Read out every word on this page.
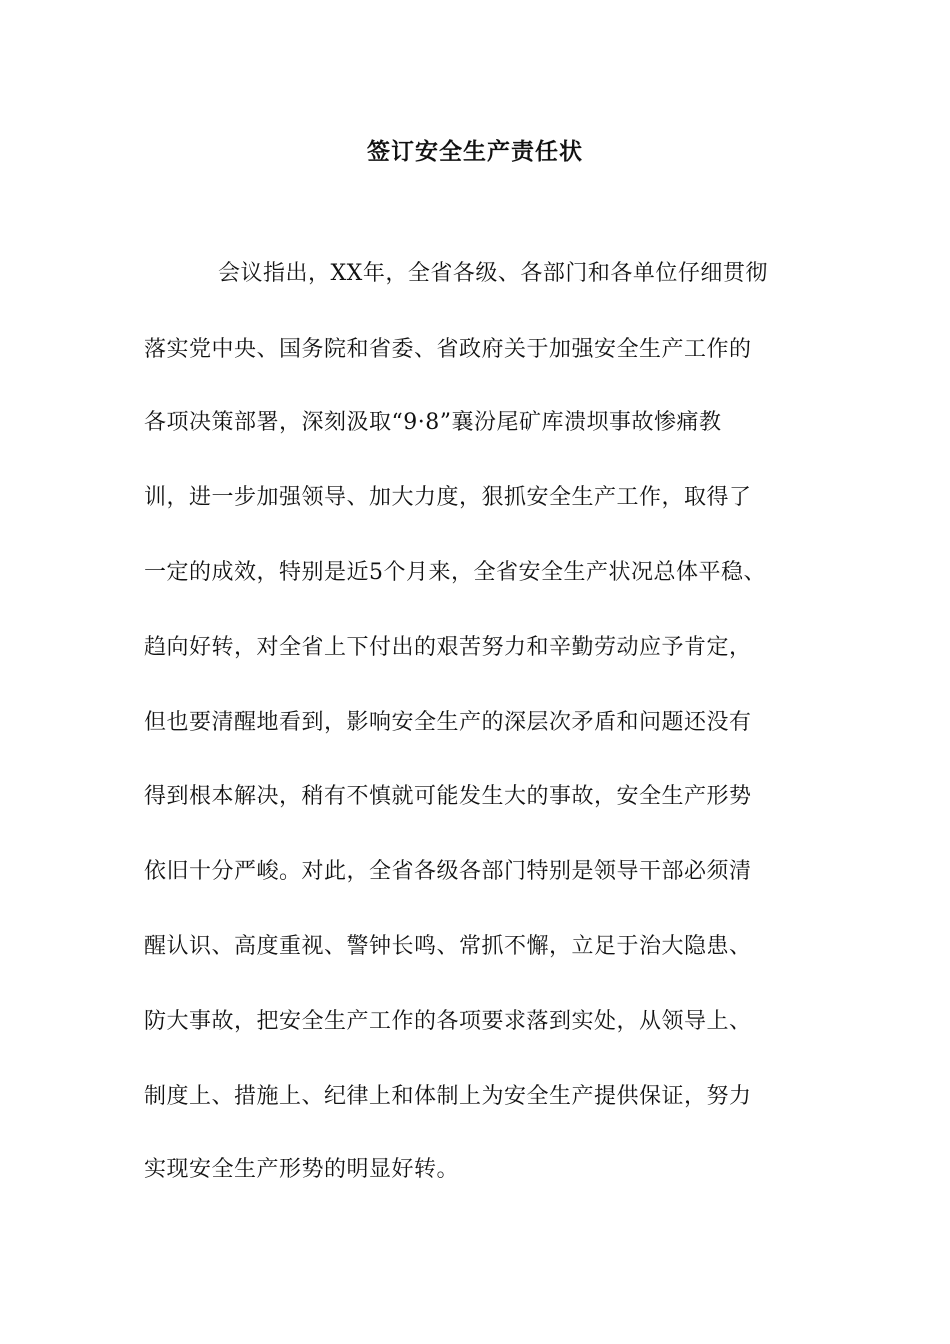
签订安全生产责任状
会议指出，XX年，全省各级、各部门和各单位仔细贯彻
落实党中央、国务院和省委、省政府关于加强安全生产工作的
各项决策部署，深刻汲取“9·8”襄汾尾矿库溃坝事故惨痛教
训，进一步加强领导、加大力度，狠抓安全生产工作，取得了
一定的成效，特别是近5个月来，全省安全生产状况总体平稳、
趋向好转，对全省上下付出的艰苦努力和辛勤劳动应予肯定，
但也要清醒地看到，影响安全生产的深层次矛盾和问题还没有
得到根本解决，稍有不慎就可能发生大的事故，安全生产形势
依旧十分严峻。对此，全省各级各部门特别是领导干部必须清
醒认识、高度重视、警钟长鸣、常抓不懈，立足于治大隐患、
防大事故，把安全生产工作的各项要求落到实处，从领导上、
制度上、措施上、纪律上和体制上为安全生产提供保证，努力
实现安全生产形势的明显好转。
